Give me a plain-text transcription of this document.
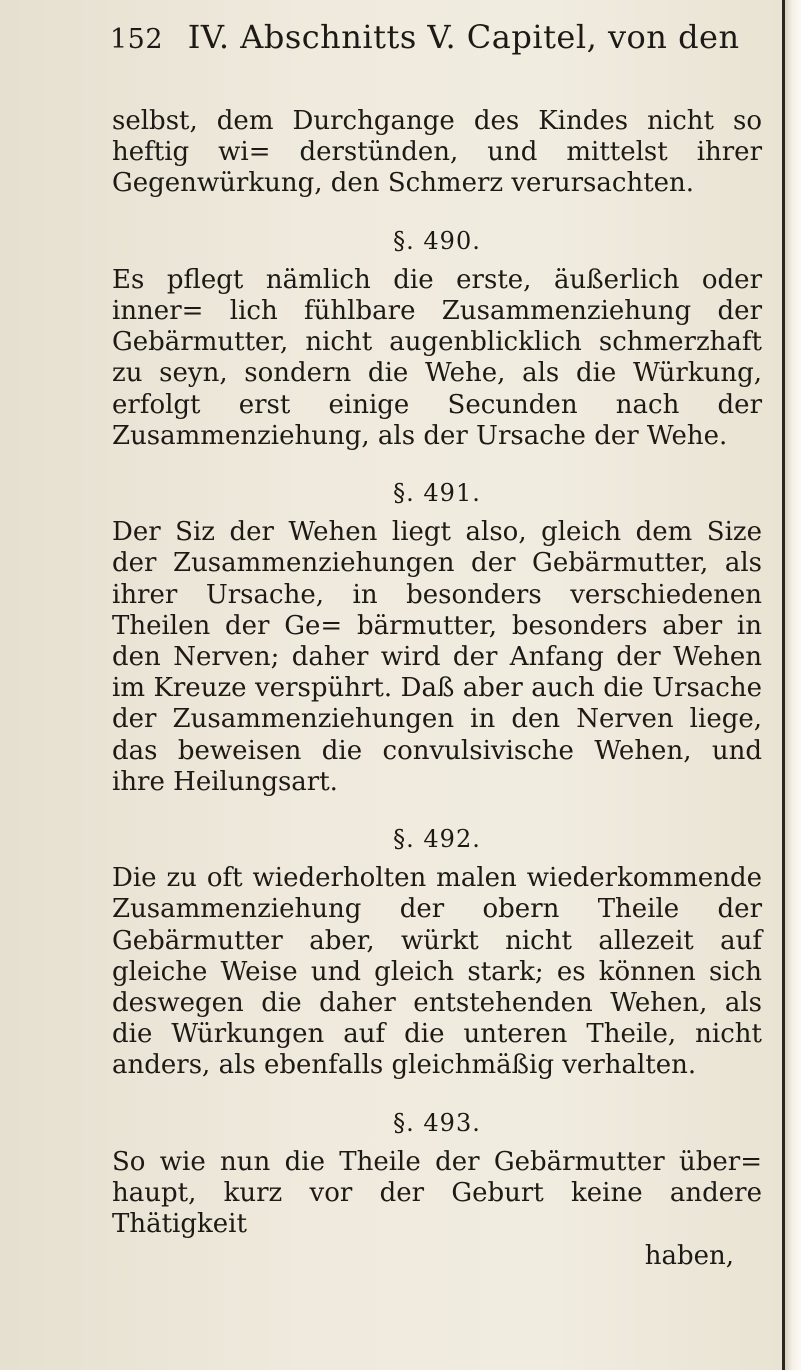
152 IV. Abschnitts V. Capitel, von den

selbst, dem Durchgange des Kindes nicht so heftig wi= derstünden, und mittelst ihrer Gegenwürkung, den Schmerz verursachten.

§. 490.

Es pflegt nämlich die erste, äußerlich oder inner= lich fühlbare Zusammenziehung der Gebärmutter, nicht augenblicklich schmerzhaft zu seyn, sondern die Wehe, als die Würkung, erfolgt erst einige Secunden nach der Zusammenziehung, als der Ursache der Wehe.

§. 491.

Der Siz der Wehen liegt also, gleich dem Size der Zusammenziehungen der Gebärmutter, als ihrer Ursache, in besonders verschiedenen Theilen der Ge= bärmutter, besonders aber in den Nerven; daher wird der Anfang der Wehen im Kreuze verspührt. Daß aber auch die Ursache der Zusammenziehungen in den Nerven liege, das beweisen die convulsivische Wehen, und ihre Heilungsart.

§. 492.

Die zu oft wiederholten malen wiederkommende Zusammenziehung der obern Theile der Gebärmutter aber, würkt nicht allezeit auf gleiche Weise und gleich stark; es können sich deswegen die daher entstehenden Wehen, als die Würkungen auf die unteren Theile, nicht anders, als ebenfalls gleichmäßig verhalten.

§. 493.

So wie nun die Theile der Gebärmutter über= haupt, kurz vor der Geburt keine andere Thätigkeit

haben,
